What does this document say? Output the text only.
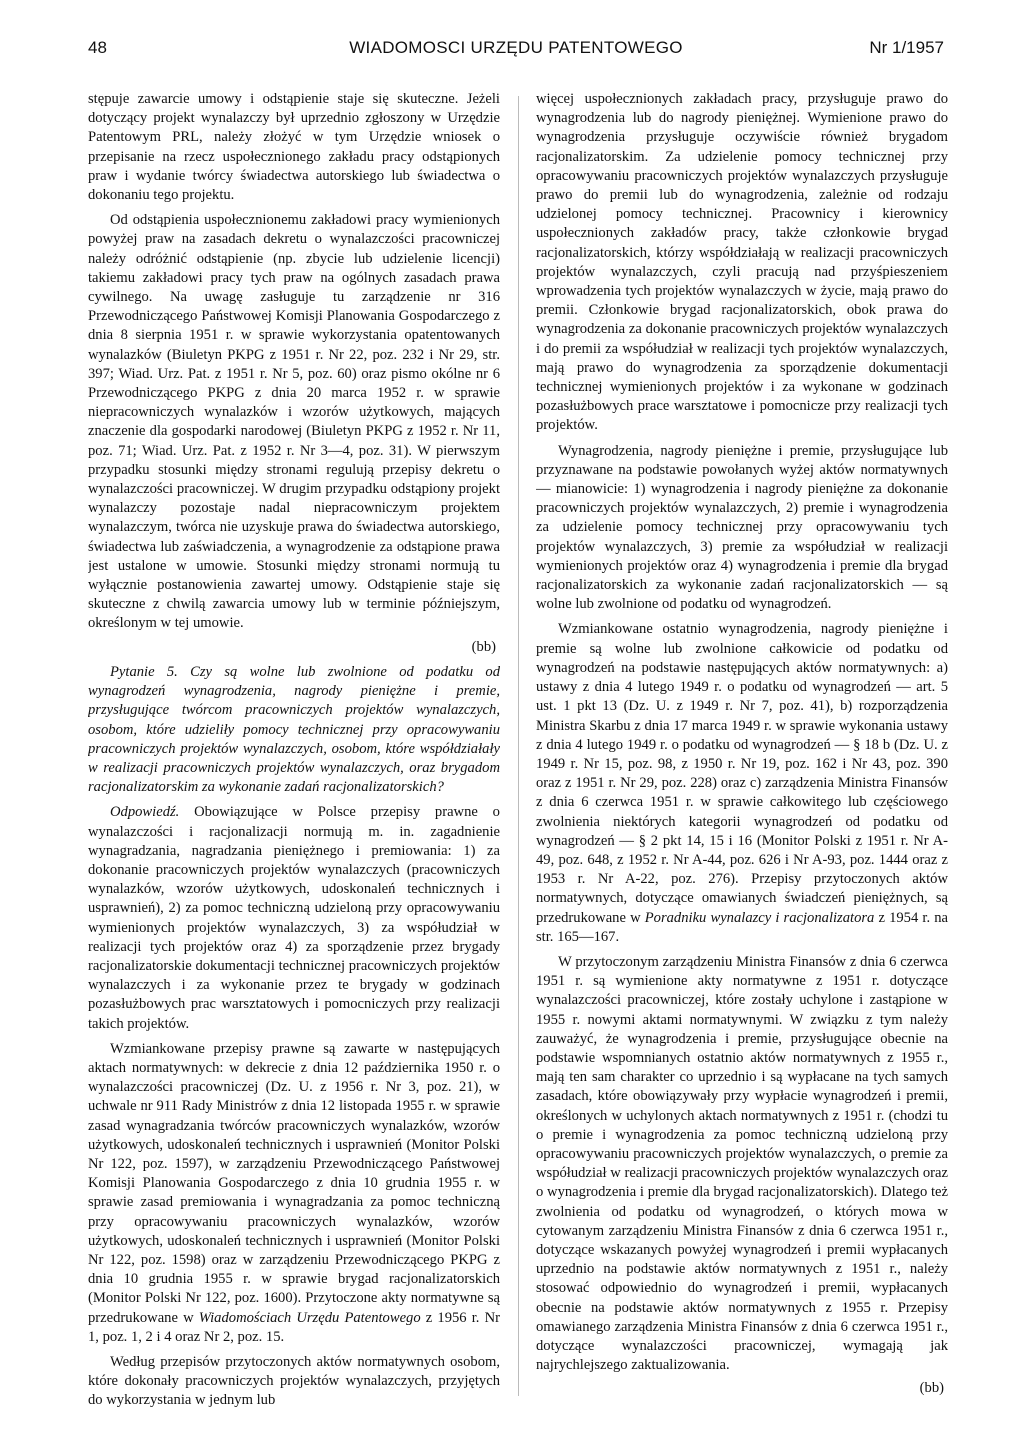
48	WIADOMOSCI URZĘDU PATENTOWEGO	Nr 1/1957

stępuje zawarcie umowy i odstąpienie staje się skuteczne. Jeżeli dotyczący projekt wynalazczy był uprzednio zgłoszony w Urzędzie Patentowym PRL, należy złożyć w tym Urzędzie wniosek o przepisanie na rzecz uspołecznionego zakładu pracy odstąpionych praw i wydanie twórcy świadectwa autorskiego lub świadectwa o dokonaniu tego projektu.

Od odstąpienia uspołecznionemu zakładowi pracy wymienionych powyżej praw na zasadach dekretu o wynalazczości pracowniczej należy odróżnić odstąpienie (np. zbycie lub udzielenie licencji) takiemu zakładowi pracy tych praw na ogólnych zasadach prawa cywilnego. Na uwagę zasługuje tu zarządzenie nr 316 Przewodniczącego Państwowej Komisji Planowania Gospodarczego z dnia 8 sierpnia 1951 r. w sprawie wykorzystania opatentowanych wynalazków (Biuletyn PKPG z 1951 r. Nr 22, poz. 232 i Nr 29, str. 397; Wiad. Urz. Pat. z 1951 r. Nr 5, poz. 60) oraz pismo okólne nr 6 Przewodniczącego PKPG z dnia 20 marca 1952 r. w sprawie niepracowniczych wynalazków i wzorów użytkowych, mających znaczenie dla gospodarki narodowej (Biuletyn PKPG z 1952 r. Nr 11, poz. 71; Wiad. Urz. Pat. z 1952 r. Nr 3—4, poz. 31). W pierwszym przypadku stosunki między stronami regulują przepisy dekretu o wynalazczości pracowniczej. W drugim przypadku odstąpiony projekt wynalazczy pozostaje nadal niepracowniczym projektem wynalazczym, twórca nie uzyskuje prawa do świadectwa autorskiego, świadectwa lub zaświadczenia, a wynagrodzenie za odstąpione prawa jest ustalone w umowie. Stosunki między stronami normują tu wyłącznie postanowienia zawartej umowy. Odstąpienie staje się skuteczne z chwilą zawarcia umowy lub w terminie późniejszym, określonym w tej umowie.

(bb)

Pytanie 5. Czy są wolne lub zwolnione od podatku od wynagrodzeń wynagrodzenia, nagrody pieniężne i premie, przysługujące twórcom pracowniczych projektów wynalazczych, osobom, które udzieliły pomocy technicznej przy opracowywaniu pracowniczych projektów wynalazczych, osobom, które współdziałały w realizacji pracowniczych projektów wynalazczych, oraz brygadom racjonalizatorskim za wykonanie zadań racjonalizatorskich?

Odpowiedź. Obowiązujące w Polsce przepisy prawne o wynalazczości i racjonalizacji normują m. in. zagadnienie wynagradzania, nagradzania pieniężnego i premiowania: 1) za dokonanie pracowniczych projektów wynalazczych (pracowniczych wynalazków, wzorów użytkowych, udoskonaleń technicznych i usprawnień), 2) za pomoc techniczną udzieloną przy opracowywaniu wymienionych projektów wynalazczych, 3) za współudział w realizacji tych projektów oraz 4) za sporządzenie przez brygady racjonalizatorskie dokumentacji technicznej pracowniczych projektów wynalazczych i za wykonanie przez te brygady w godzinach pozasłużbowych prac warsztatowych i pomocniczych przy realizacji takich projektów.

Wzmiankowane przepisy prawne są zawarte w następujących aktach normatywnych: w dekrecie z dnia 12 października 1950 r. o wynalazczości pracowniczej (Dz. U. z 1956 r. Nr 3, poz. 21), w uchwale nr 911 Rady Ministrów z dnia 12 listopada 1955 r. w sprawie zasad wynagradzania twórców pracowniczych wynalazków, wzorów użytkowych, udoskonaleń technicznych i usprawnień (Monitor Polski Nr 122, poz. 1597), w zarządzeniu Przewodniczącego Państwowej Komisji Planowania Gospodarczego z dnia 10 grudnia 1955 r. w sprawie zasad premiowania i wynagradzania za pomoc techniczną przy opracowywaniu pracowniczych wynalazków, wzorów użytkowych, udoskonaleń technicznych i usprawnień (Monitor Polski Nr 122, poz. 1598) oraz w zarządzeniu Przewodniczącego PKPG z dnia 10 grudnia 1955 r. w sprawie brygad racjonalizatorskich (Monitor Polski Nr 122, poz. 1600). Przytoczone akty normatywne są przedrukowane w Wiadomościach Urzędu Patentowego z 1956 r. Nr 1, poz. 1, 2 i 4 oraz Nr 2, poz. 15.

Według przepisów przytoczonych aktów normatywnych osobom, które dokonały pracowniczych projektów wynalazczych, przyjętych do wykorzystania w jednym lub

więcej uspołecznionych zakładach pracy, przysługuje prawo do wynagrodzenia lub do nagrody pieniężnej. Wymienione prawo do wynagrodzenia przysługuje oczywiście również brygadom racjonalizatorskim. Za udzielenie pomocy technicznej przy opracowywaniu pracowniczych projektów wynalazczych przysługuje prawo do premii lub do wynagrodzenia, zależnie od rodzaju udzielonej pomocy technicznej. Pracownicy i kierownicy uspołecznionych zakładów pracy, także członkowie brygad racjonalizatorskich, którzy współdziałają w realizacji pracowniczych projektów wynalazczych, czyli pracują nad przyśpieszeniem wprowadzenia tych projektów wynalazczych w życie, mają prawo do premii. Członkowie brygad racjonalizatorskich, obok prawa do wynagrodzenia za dokonanie pracowniczych projektów wynalazczych i do premii za współudział w realizacji tych projektów wynalazczych, mają prawo do wynagrodzenia za sporządzenie dokumentacji technicznej wymienionych projektów i za wykonane w godzinach pozasłużbowych prace warsztatowe i pomocnicze przy realizacji tych projektów.

Wynagrodzenia, nagrody pieniężne i premie, przysługujące lub przyznawane na podstawie powołanych wyżej aktów normatywnych — mianowicie: 1) wynagrodzenia i nagrody pieniężne za dokonanie pracowniczych projektów wynalazczych, 2) premie i wynagrodzenia za udzielenie pomocy technicznej przy opracowywaniu tych projektów wynalazczych, 3) premie za współudział w realizacji wymienionych projektów oraz 4) wynagrodzenia i premie dla brygad racjonalizatorskich za wykonanie zadań racjonalizatorskich — są wolne lub zwolnione od podatku od wynagrodzeń.

Wzmiankowane ostatnio wynagrodzenia, nagrody pieniężne i premie są wolne lub zwolnione całkowicie od podatku od wynagrodzeń na podstawie następujących aktów normatywnych: a) ustawy z dnia 4 lutego 1949 r. o podatku od wynagrodzeń — art. 5 ust. 1 pkt 13 (Dz. U. z 1949 r. Nr 7, poz. 41), b) rozporządzenia Ministra Skarbu z dnia 17 marca 1949 r. w sprawie wykonania ustawy z dnia 4 lutego 1949 r. o podatku od wynagrodzeń — § 18 b (Dz. U. z 1949 r. Nr 15, poz. 98, z 1950 r. Nr 19, poz. 162 i Nr 43, poz. 390 oraz z 1951 r. Nr 29, poz. 228) oraz c) zarządzenia Ministra Finansów z dnia 6 czerwca 1951 r. w sprawie całkowitego lub częściowego zwolnienia niektórych kategorii wynagrodzeń od podatku od wynagrodzeń — § 2 pkt 14, 15 i 16 (Monitor Polski z 1951 r. Nr A-49, poz. 648, z 1952 r. Nr A-44, poz. 626 i Nr A-93, poz. 1444 oraz z 1953 r. Nr A-22, poz. 276). Przepisy przytoczonych aktów normatywnych, dotyczące omawianych świadczeń pieniężnych, są przedrukowane w Poradniku wynalazcy i racjonalizatora z 1954 r. na str. 165—167.

W przytoczonym zarządzeniu Ministra Finansów z dnia 6 czerwca 1951 r. są wymienione akty normatywne z 1951 r. dotyczące wynalazczości pracowniczej, które zostały uchylone i zastąpione w 1955 r. nowymi aktami normatywnymi. W związku z tym należy zauważyć, że wynagrodzenia i premie, przysługujące obecnie na podstawie wspomnianych ostatnio aktów normatywnych z 1955 r., mają ten sam charakter co uprzednio i są wypłacane na tych samych zasadach, które obowiązywały przy wypłacie wynagrodzeń i premii, określonych w uchylonych aktach normatywnych z 1951 r. (chodzi tu o premie i wynagrodzenia za pomoc techniczną udzieloną przy opracowywaniu pracowniczych projektów wynalazczych, o premie za współudział w realizacji pracowniczych projektów wynalazczych oraz o wynagrodzenia i premie dla brygad racjonalizatorskich). Dlatego też zwolnienia od podatku od wynagrodzeń, o których mowa w cytowanym zarządzeniu Ministra Finansów z dnia 6 czerwca 1951 r., dotyczące wskazanych powyżej wynagrodzeń i premii wypłacanych uprzednio na podstawie aktów normatywnych z 1951 r., należy stosować odpowiednio do wynagrodzeń i premii, wypłacanych obecnie na podstawie aktów normatywnych z 1955 r. Przepisy omawianego zarządzenia Ministra Finansów z dnia 6 czerwca 1951 r., dotyczące wynalazczości pracowniczej, wymagają jak najrychlejszego zaktualizowania.

(bb)
